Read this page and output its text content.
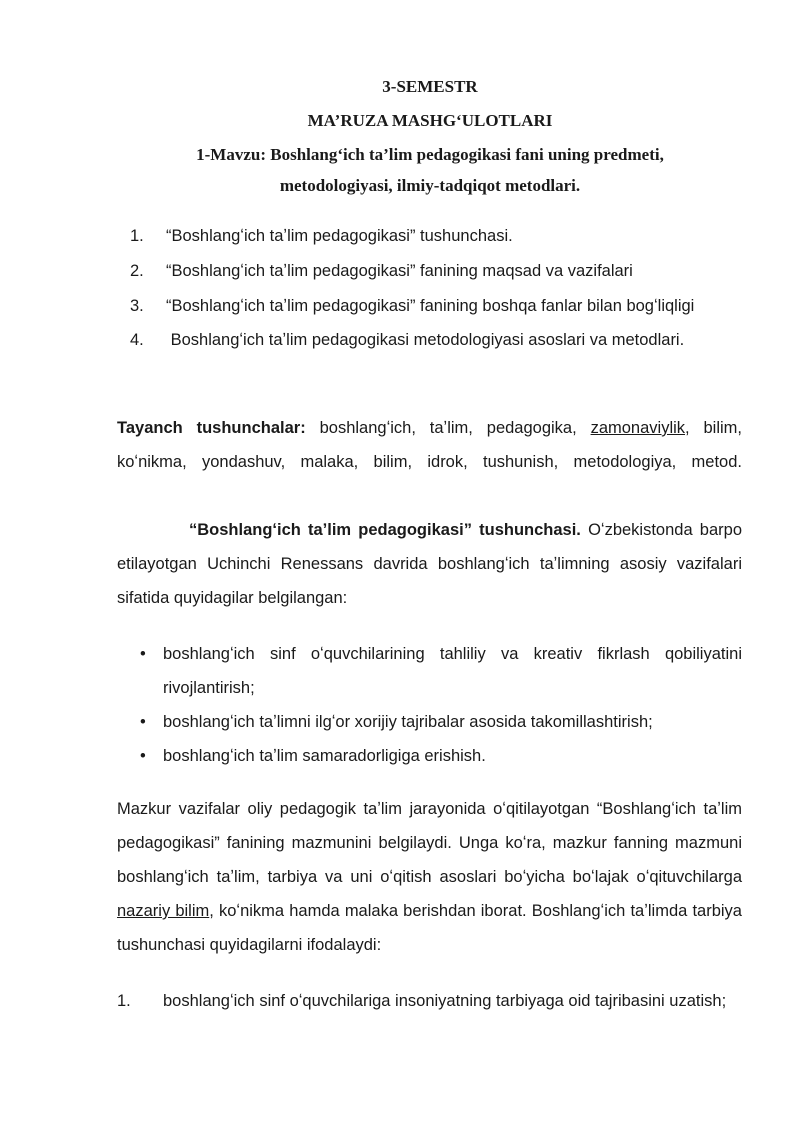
3-SEMESTR
MA’RUZA MASHG‘ULOTLARI
1-Mavzu: Boshlang‘ich ta’lim pedagogikasi fani uning predmeti,
metodologiyasi, ilmiy-tadqiqot metodlari.
1. “Boshlangʻich taʼlim pedagogikasi” tushunchasi.
2. “Boshlangʻich taʼlim pedagogikasi” fanining maqsad va vazifalari
3. “Boshlangʻich taʼlim pedagogikasi” fanining boshqa fanlar bilan bogʻliqligi
4. Boshlangʻich taʼlim pedagogikasi metodologiyasi asoslari va metodlari.
Tayanch tushunchalar: boshlangʻich, taʼlim, pedagogika, zamonaviylik, bilim, koʻnikma, yondashuv, malaka, bilim, idrok, tushunish, metodologiya, metod.
“Boshlangʻich taʼlim pedagogikasi” tushunchasi. Oʻzbekistonda barpo etilayotgan Uchinchi Renessans davrida boshlangʻich taʼlimning asosiy vazifalari sifatida quyidagilar belgilangan:
•	boshlangʻich sinf oʻquvchilarining tahliliy va kreativ fikrlash qobiliyatini rivojlantirish;
•	boshlangʻich taʼlimni ilgʻor xorijiy tajribalar asosida takomillashtirish;
•	boshlangʻich taʼlim samaradorligiga erishish.
Mazkur vazifalar oliy pedagogik taʼlim jarayonida oʻqitilayotgan “Boshlangʻich taʼlim pedagogikasi” fanining mazmunini belgilaydi. Unga koʻra, mazkur fanning mazmuni boshlangʻich taʼlim, tarbiya va uni oʻqitish asoslari boʻyicha boʻlajak oʻqituvchilarga nazariy bilim, koʻnikma hamda malaka berishdan iborat. Boshlangʻich taʼlimda tarbiya tushunchasi quyidagilarni ifodalaydi:
1. boshlangʻich sinf oʻquvchilariga insoniyatning tarbiyaga oid tajribasini uzatish;
